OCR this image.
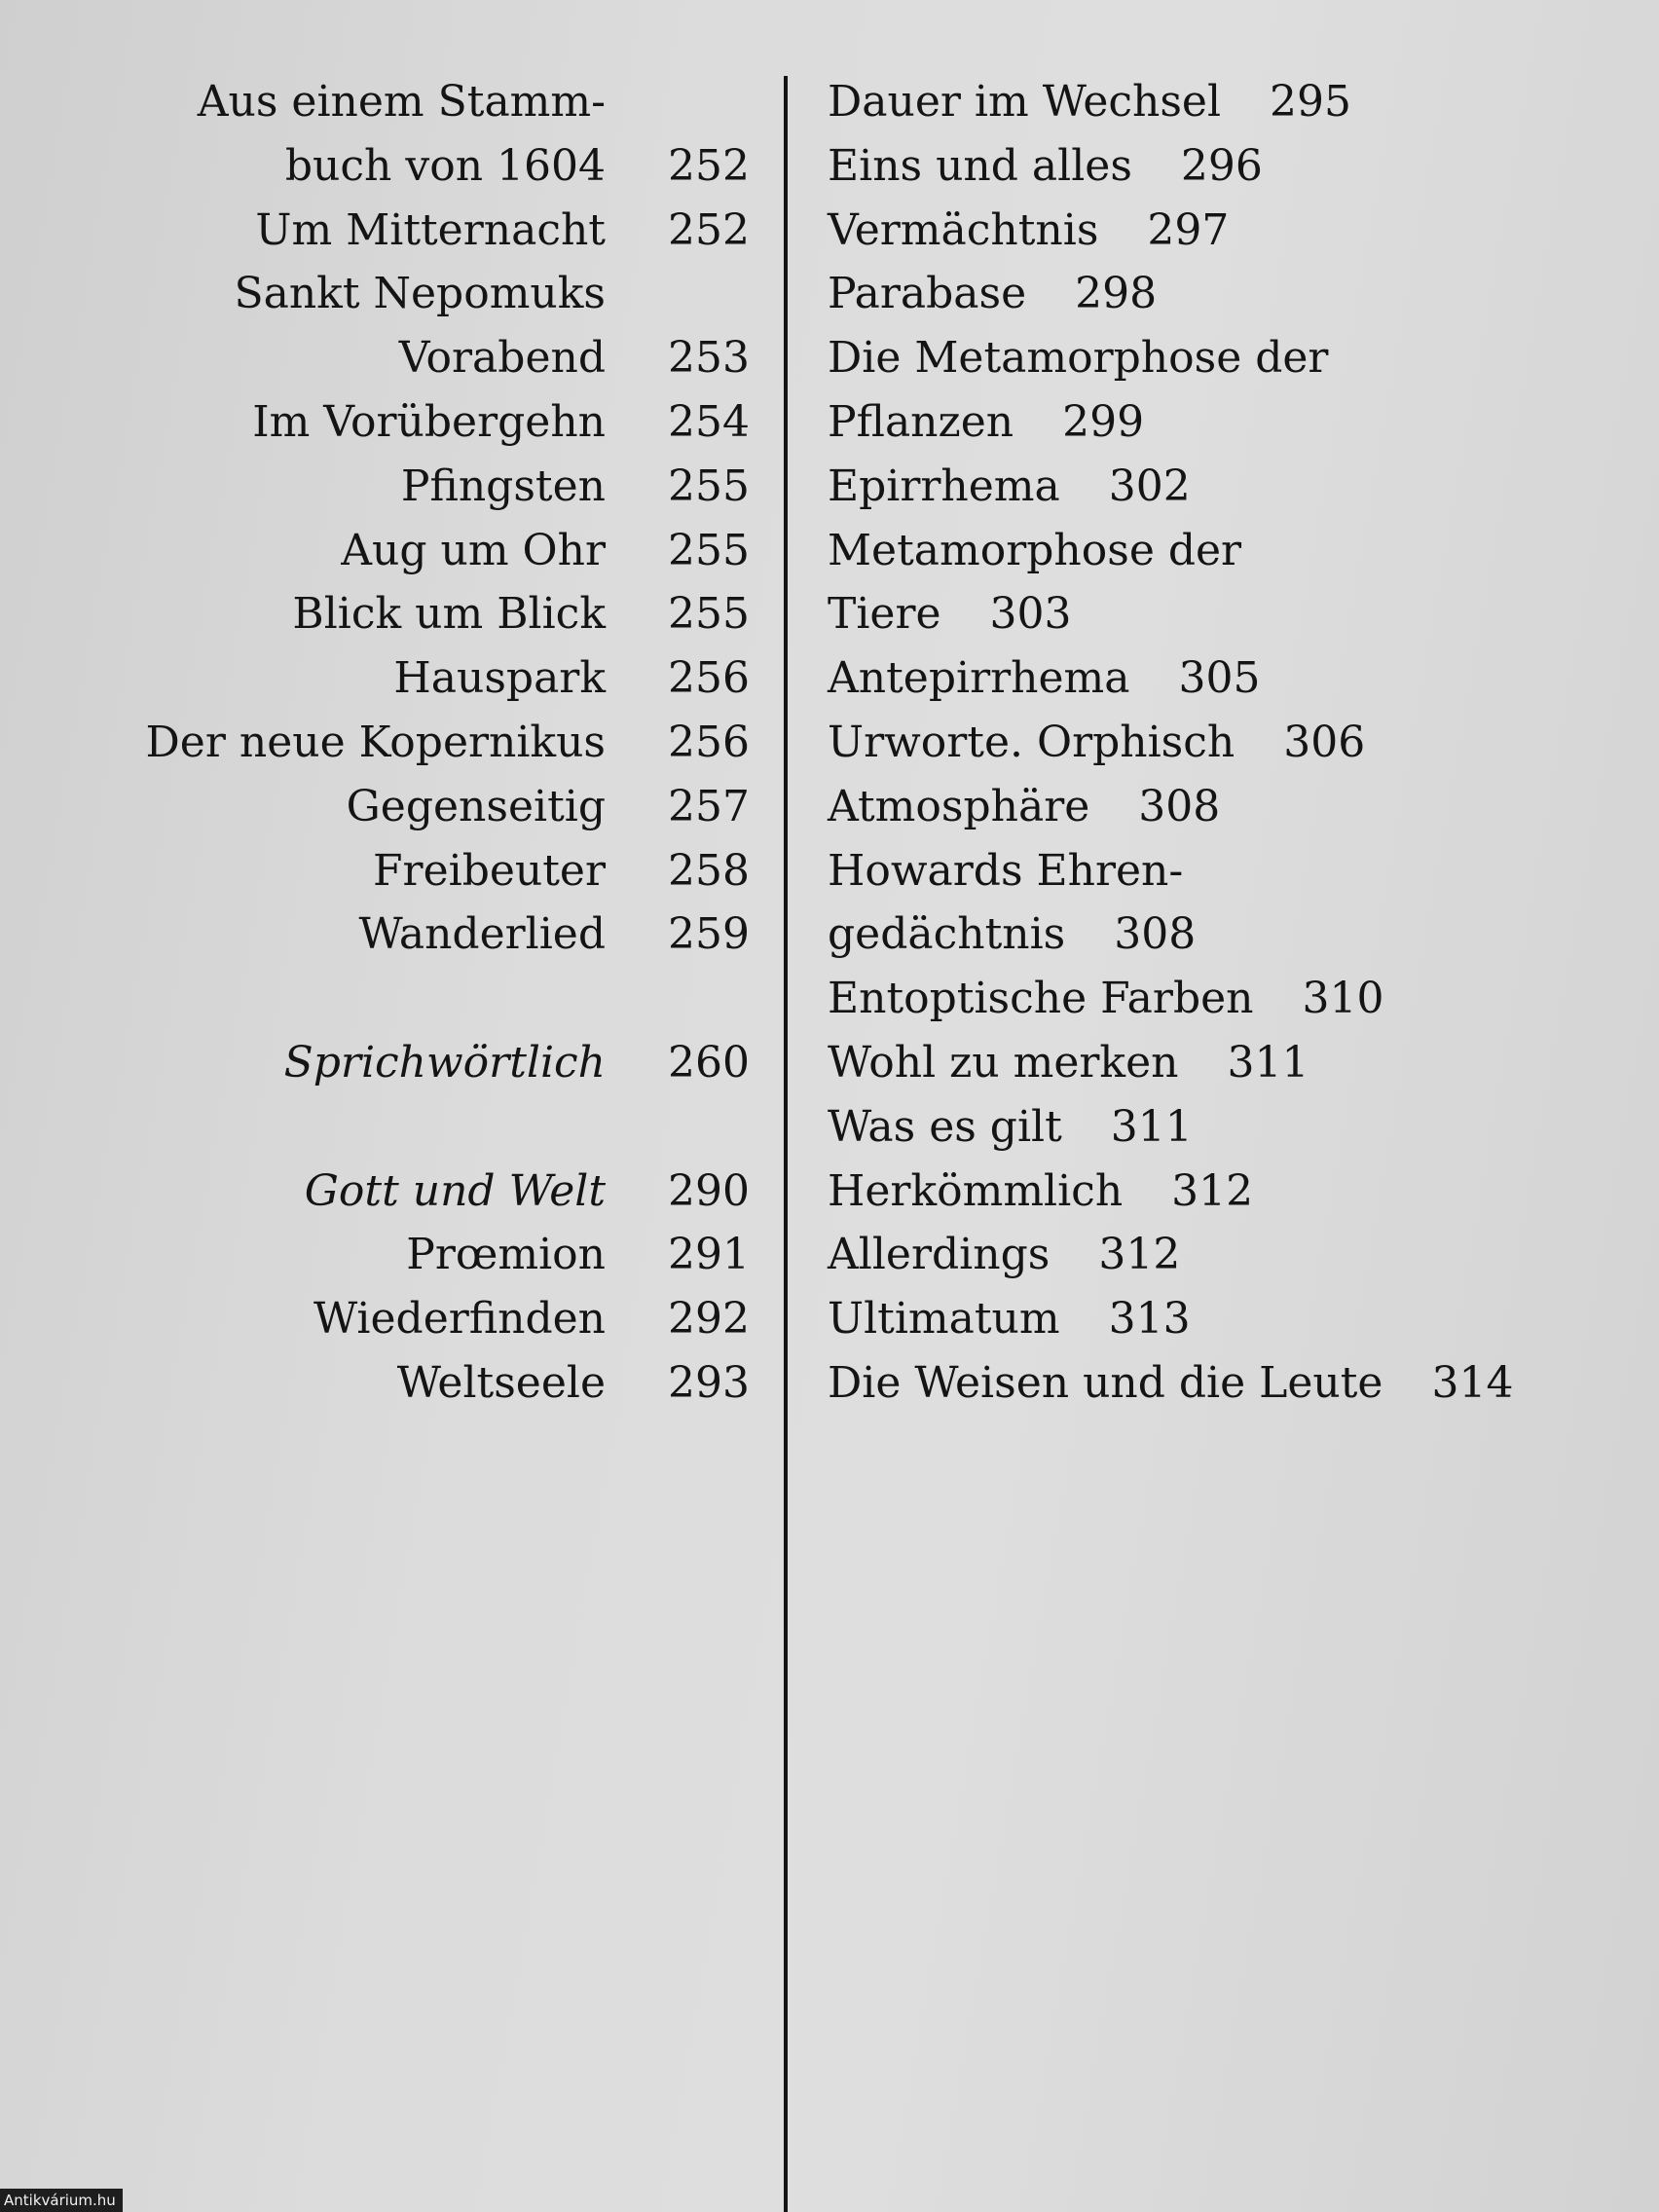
Aus einem Stamm-
buch von 1604	252
Um Mitternacht	252
Sankt Nepomuks
Vorabend	253
Im Vorübergehn	254
Pfingsten	255
Aug um Ohr	255
Blick um Blick	255
Hauspark	256
Der neue Kopernikus	256
Gegenseitig	257
Freibeuter	258
Wanderlied	259
Sprichwörtlich	260
Gott und Welt	290
Prœmion	291
Wiederfinden	292
Weltseele	293
Dauer im Wechsel 295
Eins und alles 296
Vermächtnis 297
Parabase 298
Die Metamorphose der
Pflanzen 299
Epirrhema 302
Metamorphose der
Tiere 303
Antepirrhema 305
Urworte. Orphisch 306
Atmosphäre 308
Howards Ehren-
gedächtnis 308
Entoptische Farben 310
Wohl zu merken 311
Was es gilt 311
Herkömmlich 312
Allerdings 312
Ultimatum 313
Die Weisen und die Leute 314
Antikvárium.hu
